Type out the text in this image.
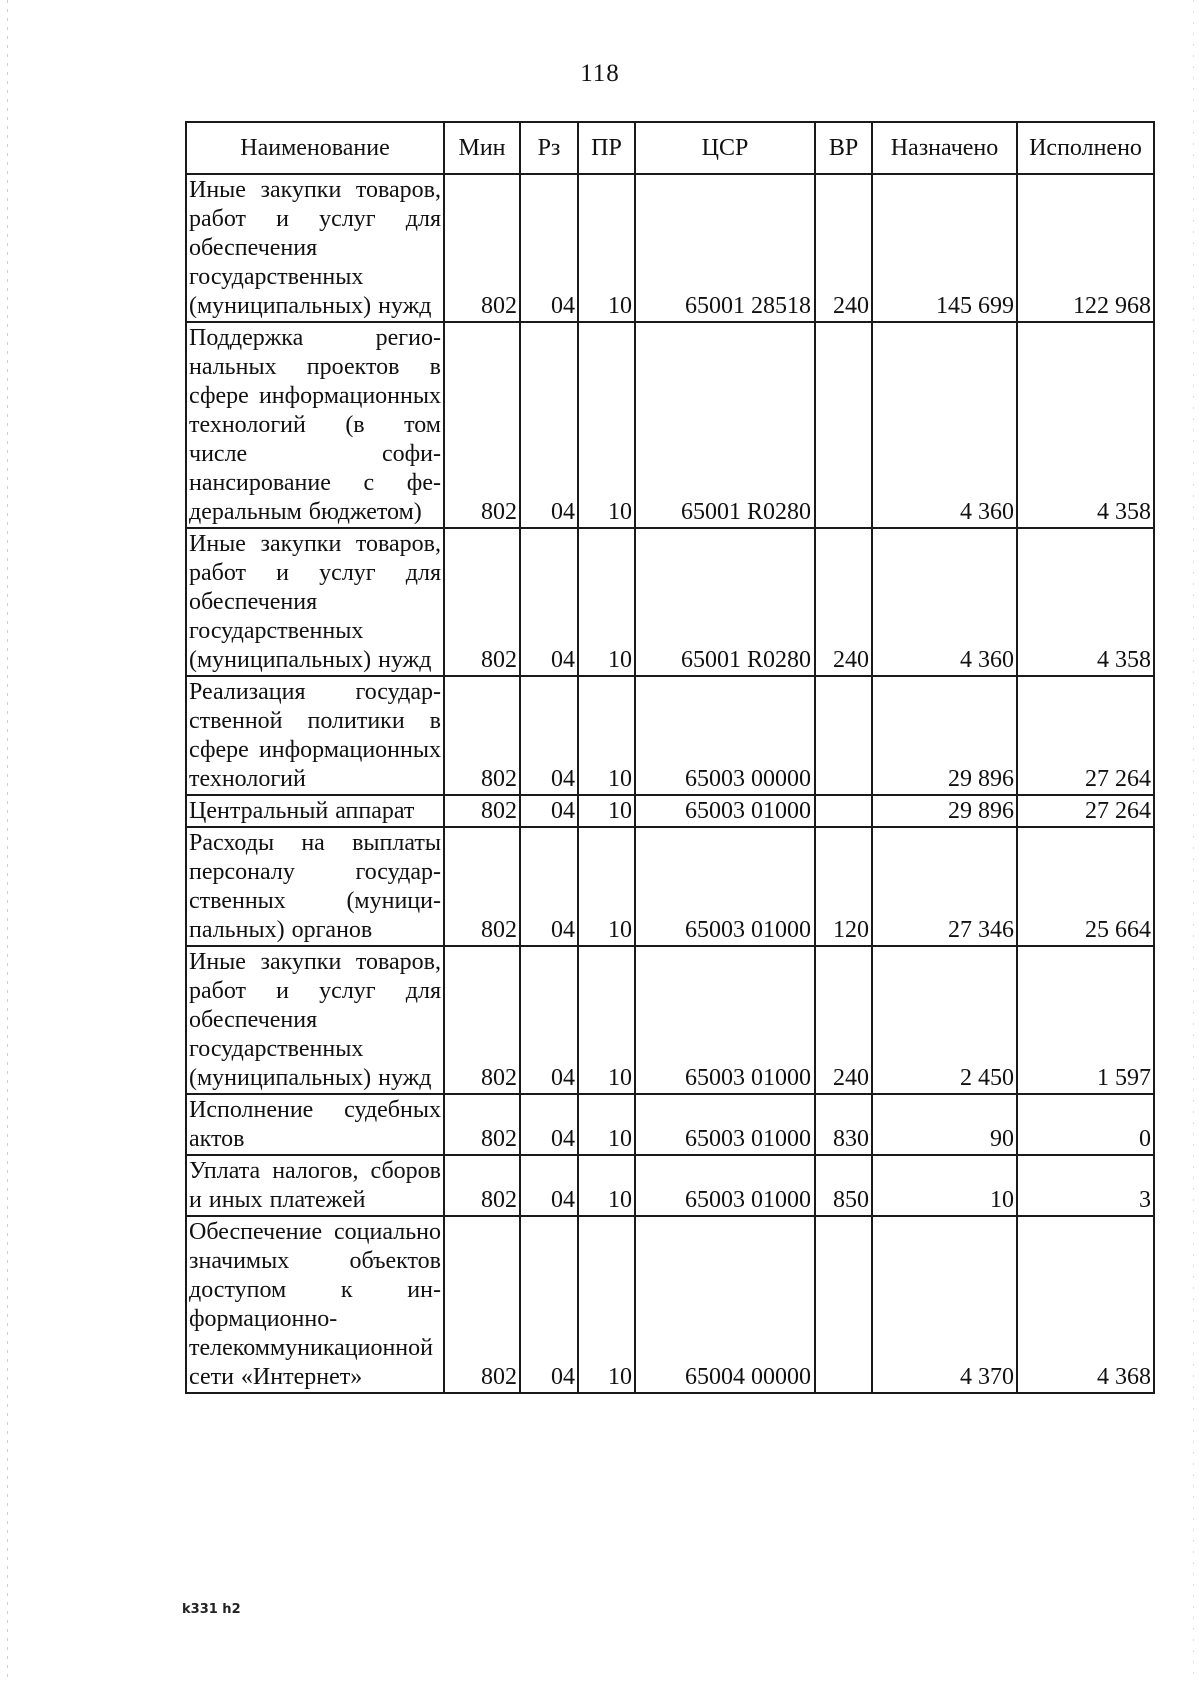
118
Наименование	Мин	Рз	ПР	ЦСР	ВР	Назначено	Исполнено
Иные закупки товаров, работ и услуг для обеспечения государственных (муниципальных) нужд	802	04	10	65001 28518	240	145 699	122 968
Поддержка региональных проектов в сфере информационных технологий (в том числе софинансирование с федеральным бюджетом)	802	04	10	65001 R0280		4 360	4 358
Иные закупки товаров, работ и услуг для обеспечения государственных (муниципальных) нужд	802	04	10	65001 R0280	240	4 360	4 358
Реализация государственной политики в сфере информационных технологий	802	04	10	65003 00000		29 896	27 264
Центральный аппарат	802	04	10	65003 01000		29 896	27 264
Расходы на выплаты персоналу государственных (муниципальных) органов	802	04	10	65003 01000	120	27 346	25 664
Иные закупки товаров, работ и услуг для обеспечения государственных (муниципальных) нужд	802	04	10	65003 01000	240	2 450	1 597
Исполнение судебных актов	802	04	10	65003 01000	830	90	0
Уплата налогов, сборов и иных платежей	802	04	10	65003 01000	850	10	3
Обеспечение социально значимых объектов доступом к информационно-телекоммуникационной сети «Интернет»	802	04	10	65004 00000		4 370	4 368
k331 h2
